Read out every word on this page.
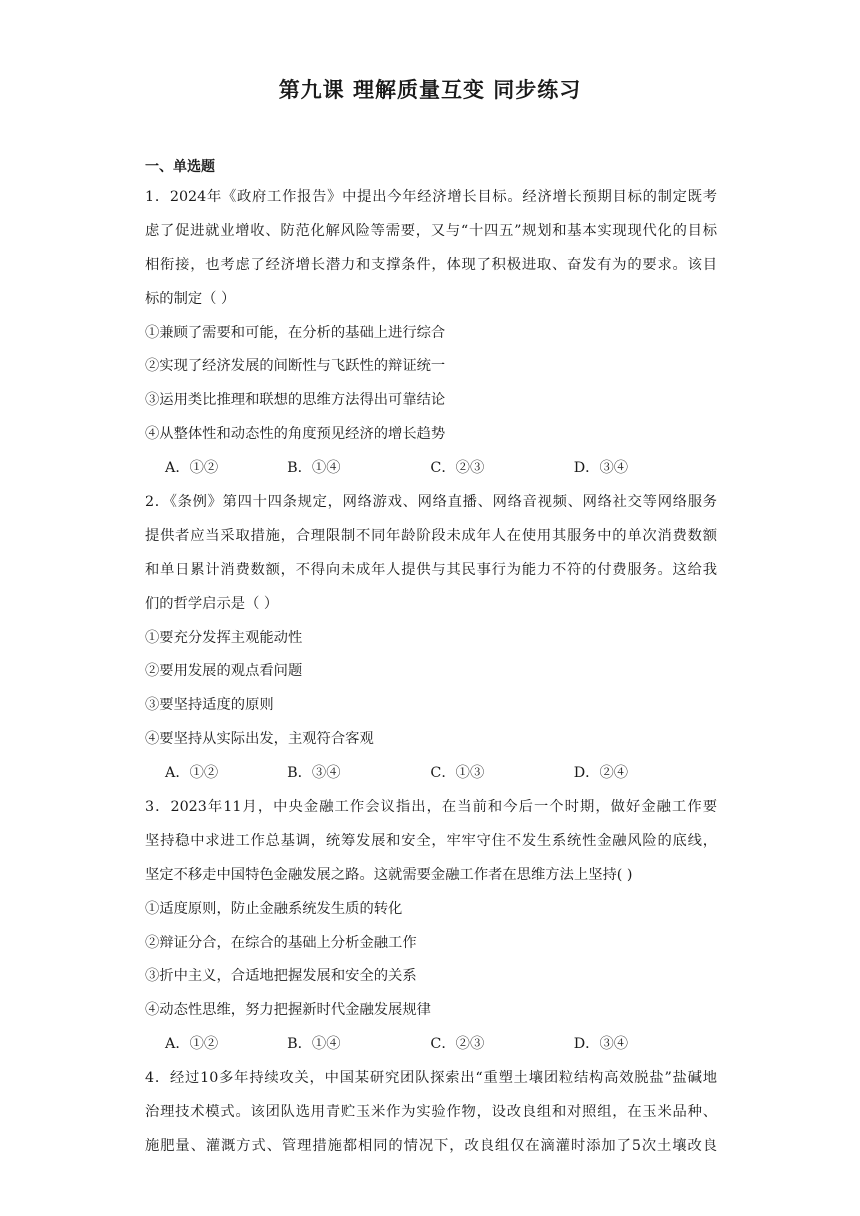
第九课 理解质量互变 同步练习
一、单选题
1．2024年《政府工作报告》中提出今年经济增长目标。经济增长预期目标的制定既考
虑了促进就业增收、防范化解风险等需要，又与“十四五”规划和基本实现现代化的目标
相衔接，也考虑了经济增长潜力和支撑条件，体现了积极进取、奋发有为的要求。该目
标的制定（ ）
①兼顾了需要和可能，在分析的基础上进行综合
②实现了经济发展的间断性与飞跃性的辩证统一
③运用类比推理和联想的思维方法得出可靠结论
④从整体性和动态性的角度预见经济的增长趋势
A．①②	B．①④	C．②③	D．③④
2．《条例》第四十四条规定，网络游戏、网络直播、网络音视频、网络社交等网络服务
提供者应当采取措施，合理限制不同年龄阶段未成年人在使用其服务中的单次消费数额
和单日累计消费数额，不得向未成年人提供与其民事行为能力不符的付费服务。这给我
们的哲学启示是（ ）
①要充分发挥主观能动性
②要用发展的观点看问题
③要坚持适度的原则
④要坚持从实际出发，主观符合客观
A．①②	B．③④	C．①③	D．②④
3．2023年11月，中央金融工作会议指出，在当前和今后一个时期，做好金融工作要
坚持稳中求进工作总基调，统筹发展和安全，牢牢守住不发生系统性金融风险的底线，
坚定不移走中国特色金融发展之路。这就需要金融工作者在思维方法上坚持( )
①适度原则，防止金融系统发生质的转化
②辩证分合，在综合的基础上分析金融工作
③折中主义，合适地把握发展和安全的关系
④动态性思维，努力把握新时代金融发展规律
A．①②	B．①④	C．②③	D．③④
4．经过10多年持续攻关，中国某研究团队探索出“重塑土壤团粒结构高效脱盐”盐碱地
治理技术模式。该团队选用青贮玉米作为实验作物，设改良组和对照组，在玉米品种、
施肥量、灌溉方式、管理措施都相同的情况下，改良组仅在滴灌时添加了5次土壤改良
